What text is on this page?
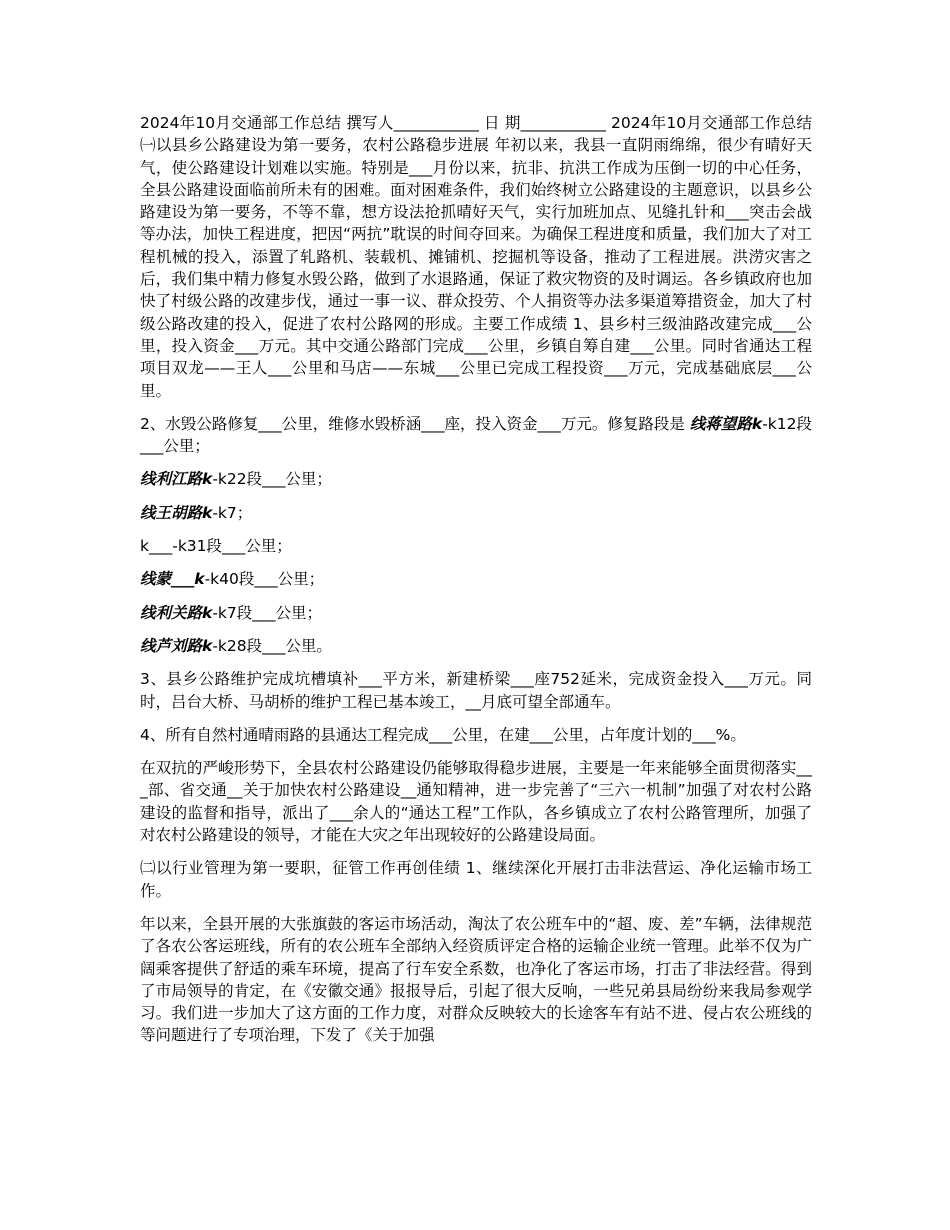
2024年10月交通部工作总结 撰写人___________ 日 期___________ 2024年10月交通部工作总结 ㈠以县乡公路建设为第一要务，农村公路稳步进展 年初以来，我县一直阴雨绵绵，很少有晴好天气，使公路建设计划难以实施。特别是___月份以来，抗非、抗洪工作成为压倒一切的中心任务，全县公路建设面临前所未有的困难。面对困难条件，我们始终树立公路建设的主题意识，以县乡公路建设为第一要务，不等不靠，想方设法抢抓晴好天气，实行加班加点、见缝扎针和___突击会战等办法，加快工程进度，把因“两抗”耽误的时间夺回来。为确保工程进度和质量，我们加大了对工程机械的投入，添置了轧路机、装载机、摊铺机、挖掘机等设备，推动了工程进展。洪涝灾害之后，我们集中精力修复水毁公路，做到了水退路通，保证了救灾物资的及时调运。各乡镇政府也加快了村级公路的改建步伐，通过一事一议、群众投劳、个人捐资等办法多渠道筹措资金，加大了村级公路改建的投入，促进了农村公路网的形成。主要工作成绩 1、县乡村三级油路改建完成___公里，投入资金___万元。其中交通公路部门完成___公里，乡镇自筹自建___公里。同时省通达工程项目双龙——王人___公里和马店——东城___公里已完成工程投资___万元，完成基础底层___公里。

2、水毁公路修复___公里，维修水毁桥涵___座，投入资金___万元。修复路段是 线蒋望路k-k12段___公里；

线利江路k-k22段___公里；

线王胡路k-k7；

k___-k31段___公里；

线蒙___k-k40段___公里；

线利关路k-k7段___公里；

线芦刘路k-k28段___公里。

3、县乡公路维护完成坑槽填补___平方米，新建桥梁___座752延米，完成资金投入___万元。同时，吕台大桥、马胡桥的维护工程已基本竣工，__月底可望全部通车。

4、所有自然村通晴雨路的县通达工程完成___公里，在建___公里，占年度计划的___%。

在双抗的严峻形势下，全县农村公路建设仍能够取得稳步进展，主要是一年来能够全面贯彻落实___部、省交通__关于加快农村公路建设__通知精神，进一步完善了“三六一机制”加强了对农村公路建设的监督和指导，派出了___余人的“通达工程”工作队，各乡镇成立了农村公路管理所，加强了对农村公路建设的领导，才能在大灾之年出现较好的公路建设局面。

㈡以行业管理为第一要职，征管工作再创佳绩 1、继续深化开展打击非法营运、净化运输市场工作。

年以来，全县开展的大张旗鼓的客运市场活动，淘汰了农公班车中的“超、废、差”车辆，法律规范了各农公客运班线，所有的农公班车全部纳入经资质评定合格的运输企业统一管理。此举不仅为广阔乘客提供了舒适的乘车环境，提高了行车安全系数，也净化了客运市场，打击了非法经营。得到了市局领导的肯定，在《安徽交通》报报导后，引起了很大反响，一些兄弟县局纷纷来我局参观学习。我们进一步加大了这方面的工作力度，对群众反映较大的长途客车有站不进、侵占农公班线的等问题进行了专项治理，下发了《关于加强
